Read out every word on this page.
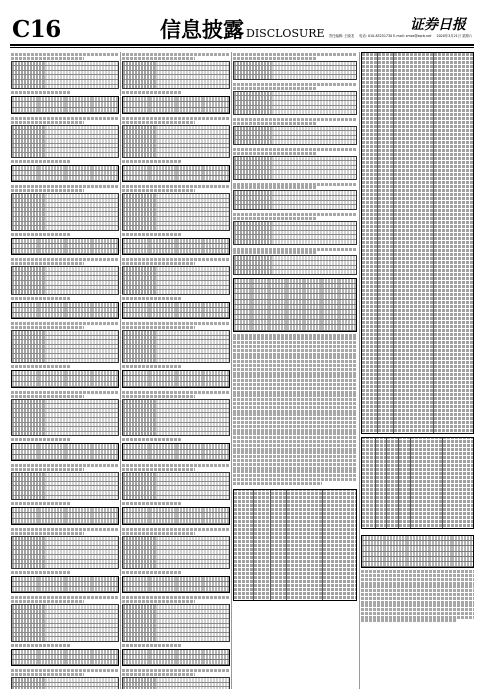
C16	信息披露 DISCLOSURE
证券日报
责任编辑: 王晓龙 电话: 010-83251730 E-mail: zmzx@zqrb.net 2020年3月21日 星期六
